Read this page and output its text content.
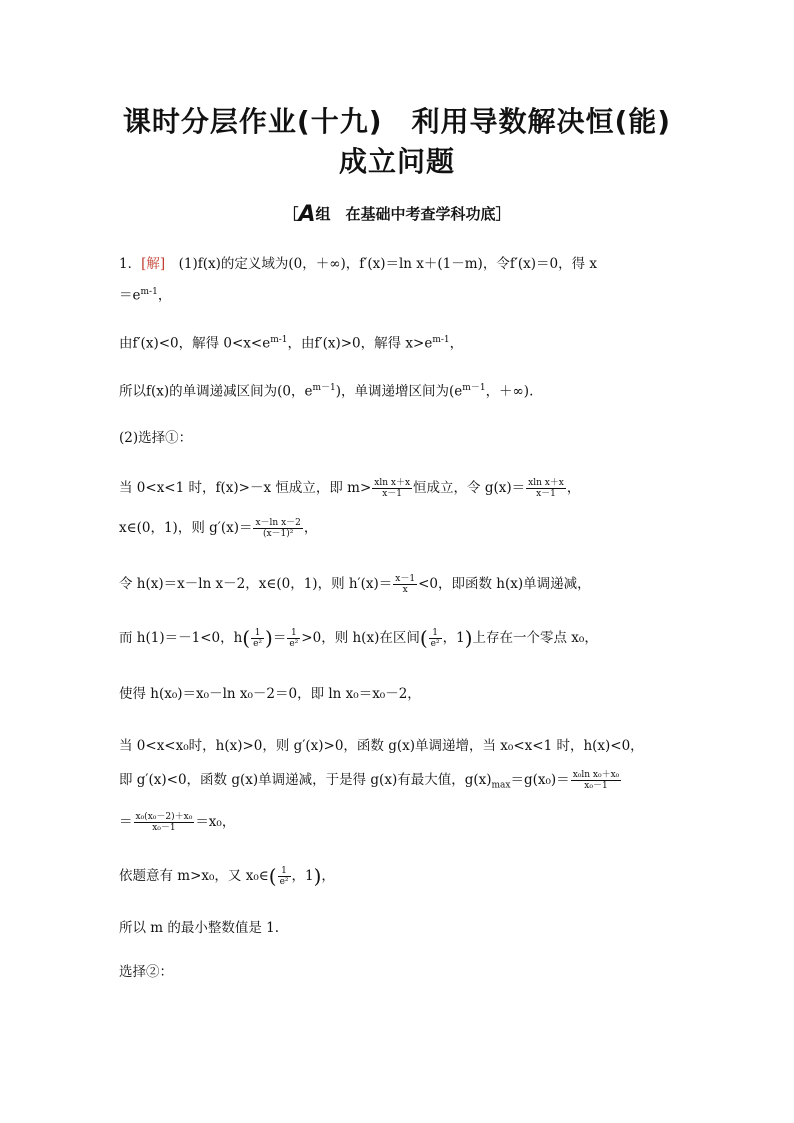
课时分层作业(十九)　利用导数解决恒(能)
成立问题
［A组　在基础中考查学科功底］
1．[解]　 (1)f(x)的定义域为(0，＋∞)，f′(x)＝ln x＋(1－m)，令f′(x)＝0，得 x
$=e^{m-1}$，
由f′(x)<0，解得 $0<x<e^{m-1}$，由f′(x)>0，解得 $x>e^{m-1}$，
所以f(x)的单调递减区间为(0，$e^{m-1}$)，单调递增区间为($e^{m-1}$，＋∞).
(2)选择①：
当 0<x<1 时，f(x)>－x 恒成立，即 $m> \frac{\text{xln x＋x}}{x-1}$ 恒成立，令 $g(x)= \frac{\text{xln x＋x}}{x-1}$ ，
x∈(0，1)，则 $g'(x)= \frac{\text{x－ln x－2}}{\text{(x－1)²}}$ ，
令 h(x)＝x－ln x－2，x∈(0，1)，则 $h'(x)= \frac{x-1}{x} <0$，即函数 h(x)单调递减，
而 h(1)＝－1<0，$h( \frac{1}{\text{e²}}$ )＝ $\frac{1}{\text{e²}} >0$，则 h(x)在区间( $\frac{1}{\text{e²}}$ ，1)上存在一个零点 x₀，
使得 h(x₀)＝x₀－ln x₀－2＝0，即 ln x₀＝x₀－2，
当 0<x<x₀时，h(x)>0，则 g′(x)>0，函数 g(x)单调递增，当 x₀<x<1 时，h(x)<0，
即 g′(x)<0，函数 g(x)单调递减，于是得 g(x)有最大值，$g(x)_{max}=g(x_0)= \frac{\text{x₀ln x₀＋x₀}}{\text{x₀－1}}$
＝ $\frac{\text{x₀(x₀－2)＋x₀}}{\text{x₀－1}} =x_0$，
依题意有 m>x₀，又 x₀∈( $\frac{1}{\text{e²}}$ ，1)，
所以 m 的最小整数值是 1.
选择②：
